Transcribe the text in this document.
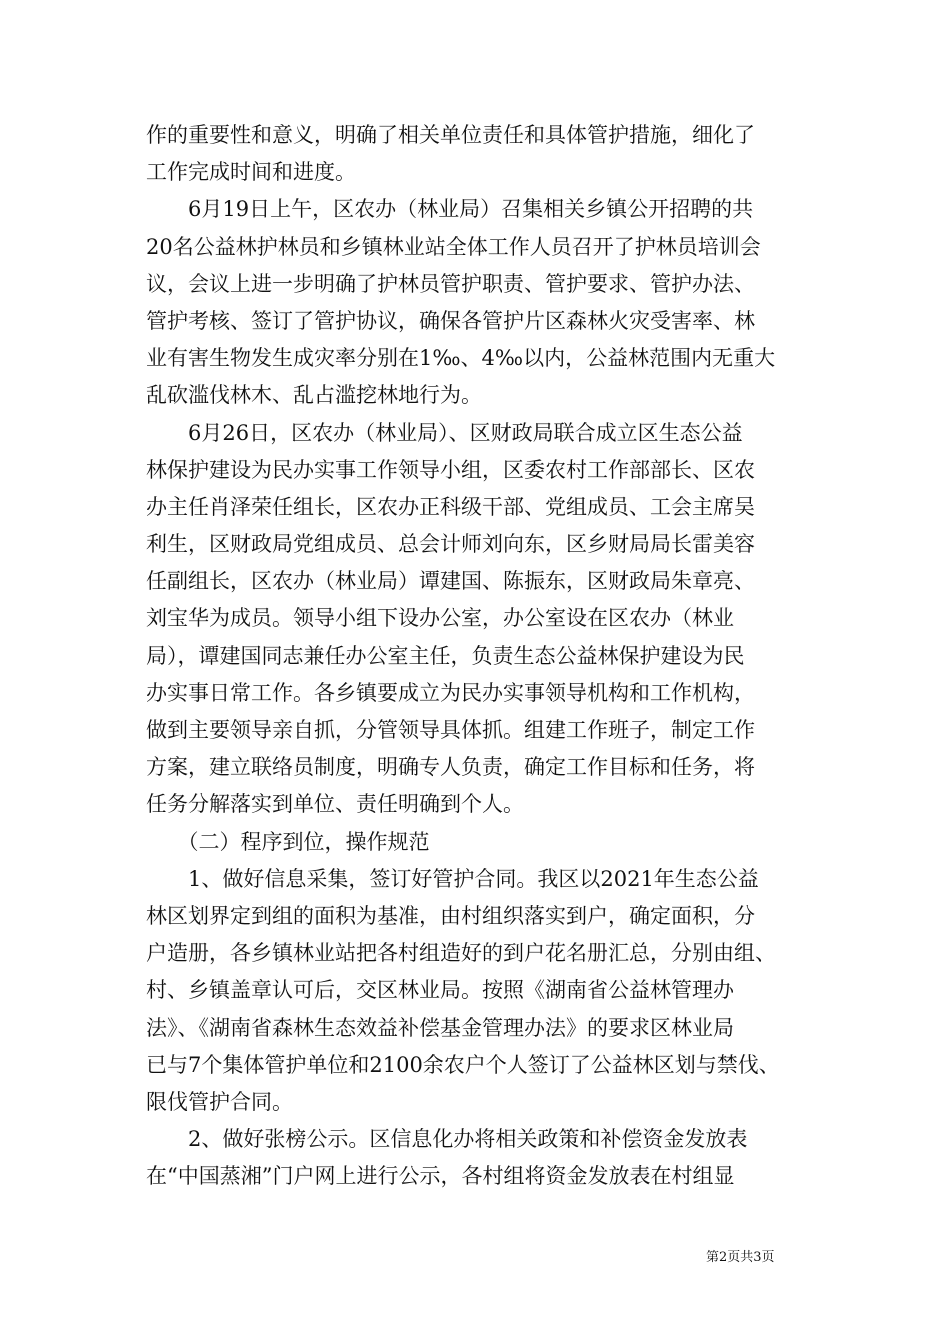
作的重要性和意义，明确了相关单位责任和具体管护措施，细化了
工作完成时间和进度。
　　6月19日上午，区农办（林业局）召集相关乡镇公开招聘的共
20名公益林护林员和乡镇林业站全体工作人员召开了护林员培训会
议，会议上进一步明确了护林员管护职责、管护要求、管护办法、
管护考核、签订了管护协议，确保各管护片区森林火灾受害率、林
业有害生物发生成灾率分别在1‰、4‰以内，公益林范围内无重大
乱砍滥伐林木、乱占滥挖林地行为。
　　6月26日，区农办（林业局）、区财政局联合成立区生态公益
林保护建设为民办实事工作领导小组，区委农村工作部部长、区农
办主任肖泽荣任组长，区农办正科级干部、党组成员、工会主席吴
利生，区财政局党组成员、总会计师刘向东，区乡财局局长雷美容
任副组长，区农办（林业局）谭建国、陈振东，区财政局朱章亮、
刘宝华为成员。领导小组下设办公室，办公室设在区农办（林业
局），谭建国同志兼任办公室主任，负责生态公益林保护建设为民
办实事日常工作。各乡镇要成立为民办实事领导机构和工作机构，
做到主要领导亲自抓，分管领导具体抓。组建工作班子，制定工作
方案，建立联络员制度，明确专人负责，确定工作目标和任务，将
任务分解落实到单位、责任明确到个人。
　　（二）程序到位，操作规范
　　1、做好信息采集，签订好管护合同。我区以2021年生态公益
林区划界定到组的面积为基准，由村组织落实到户，确定面积，分
户造册，各乡镇林业站把各村组造好的到户花名册汇总，分别由组、
村、乡镇盖章认可后，交区林业局。按照《湖南省公益林管理办
法》、《湖南省森林生态效益补偿基金管理办法》的要求区林业局
已与7个集体管护单位和2100余农户个人签订了公益林区划与禁伐、
限伐管护合同。
　　2、做好张榜公示。区信息化办将相关政策和补偿资金发放表
在“中国蒸湘”门户网上进行公示，各村组将资金发放表在村组显
第2页共3页
